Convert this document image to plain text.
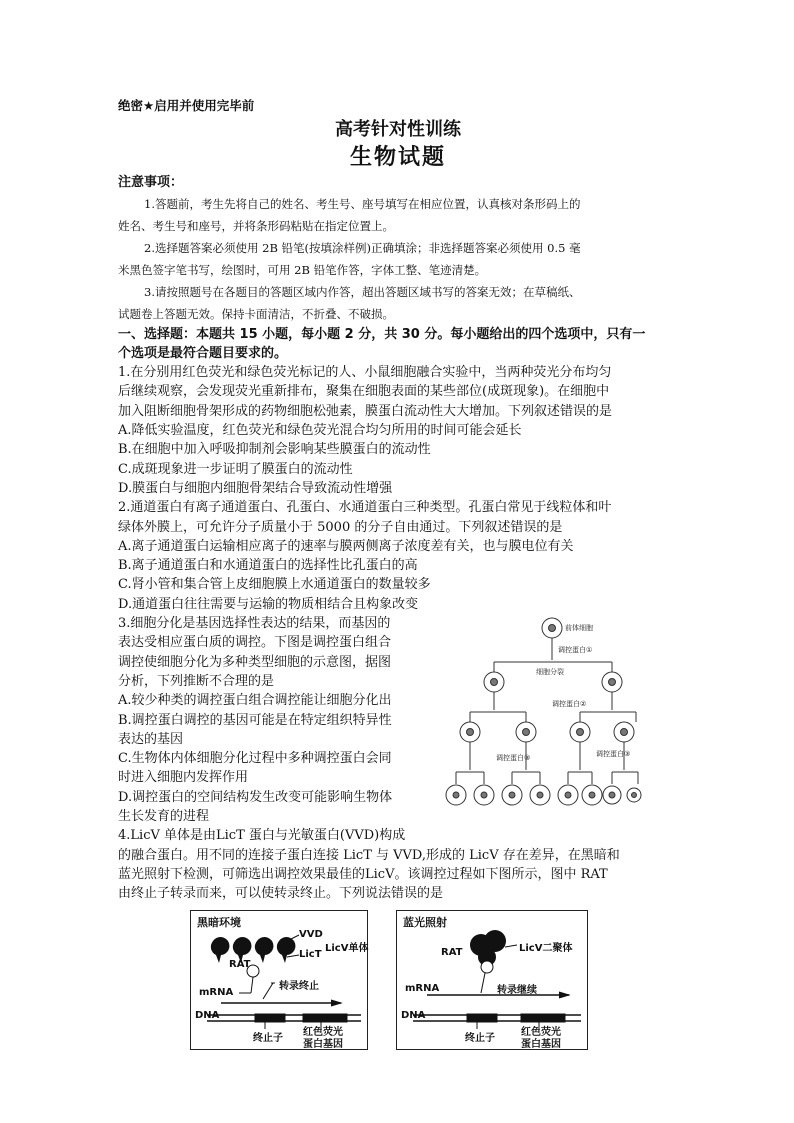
绝密★启用并使用完毕前
高考针对性训练
生物试题
注意事项：
1.答题前，考生先将自己的姓名、考生号、座号填写在相应位置，认真核对条形码上的
姓名、考生号和座号，并将条形码粘贴在指定位置上。
2.选择题答案必须使用 2B 铅笔(按填涂样例)正确填涂；非选择题答案必须使用 0.5 毫
米黑色签字笔书写，绘图时，可用 2B 铅笔作答，字体工整、笔迹清楚。
3.请按照题号在各题目的答题区域内作答，超出答题区域书写的答案无效；在草稿纸、
试题卷上答题无效。保持卡面清洁，不折叠、不破损。
一、选择题：本题共 15 小题，每小题 2 分，共 30 分。每小题给出的四个选项中，只有一
个选项是最符合题目要求的。
1.在分别用红色荧光和绿色荧光标记的人、小鼠细胞融合实验中，当两种荧光分布均匀
后继续观察，会发现荧光重新排布，聚集在细胞表面的某些部位(成斑现象)。在细胞中
加入阻断细胞骨架形成的药物细胞松弛素，膜蛋白流动性大大增加。下列叙述错误的是
A.降低实验温度，红色荧光和绿色荧光混合均匀所用的时间可能会延长
B.在细胞中加入呼吸抑制剂会影响某些膜蛋白的流动性
C.成斑现象进一步证明了膜蛋白的流动性
D.膜蛋白与细胞内细胞骨架结合导致流动性增强
2.通道蛋白有离子通道蛋白、孔蛋白、水通道蛋白三种类型。孔蛋白常见于线粒体和叶
绿体外膜上，可允许分子质量小于 5000 的分子自由通过。下列叙述错误的是
A.离子通道蛋白运输相应离子的速率与膜两侧离子浓度差有关，也与膜电位有关
B.离子通道蛋白和水通道蛋白的选择性比孔蛋白的高
C.肾小管和集合管上皮细胞膜上水通道蛋白的数量较多
D.通道蛋白往往需要与运输的物质相结合且构象改变
3.细胞分化是基因选择性表达的结果，而基因的
表达受相应蛋白质的调控。下图是调控蛋白组合
调控使细胞分化为多种类型细胞的示意图，据图
分析，下列推断不合理的是
A.较少种类的调控蛋白组合调控能让细胞分化出
B.调控蛋白调控的基因可能是在特定组织特异性
表达的基因
C.生物体内体细胞分化过程中多种调控蛋白会同
时进入细胞内发挥作用
D.调控蛋白的空间结构发生改变可能影响生物体
生长发育的进程
前体细胞
调控蛋白①
细胞分裂
调控蛋白②
调控蛋白③	调控蛋白③
4.LicV 单体是由LicT 蛋白与光敏蛋白(VVD)构成
的融合蛋白。用不同的连接子蛋白连接 LicT 与 VVD,形成的 LicV 存在差异，在黑暗和
蓝光照射下检测，可筛选出调控效果最佳的LicV。该调控过程如下图所示，图中 RAT
由终止子转录而来，可以使转录终止。下列说法错误的是
黑暗环境
VVD
LicT
LicV单体
RAT
mRNA
转录终止
DNA
终止子
红色荧光
蛋白基因
蓝光照射
RAT	LicV二聚体
mRNA	转录继续
DNA
终止子
红色荧光
蛋白基因
